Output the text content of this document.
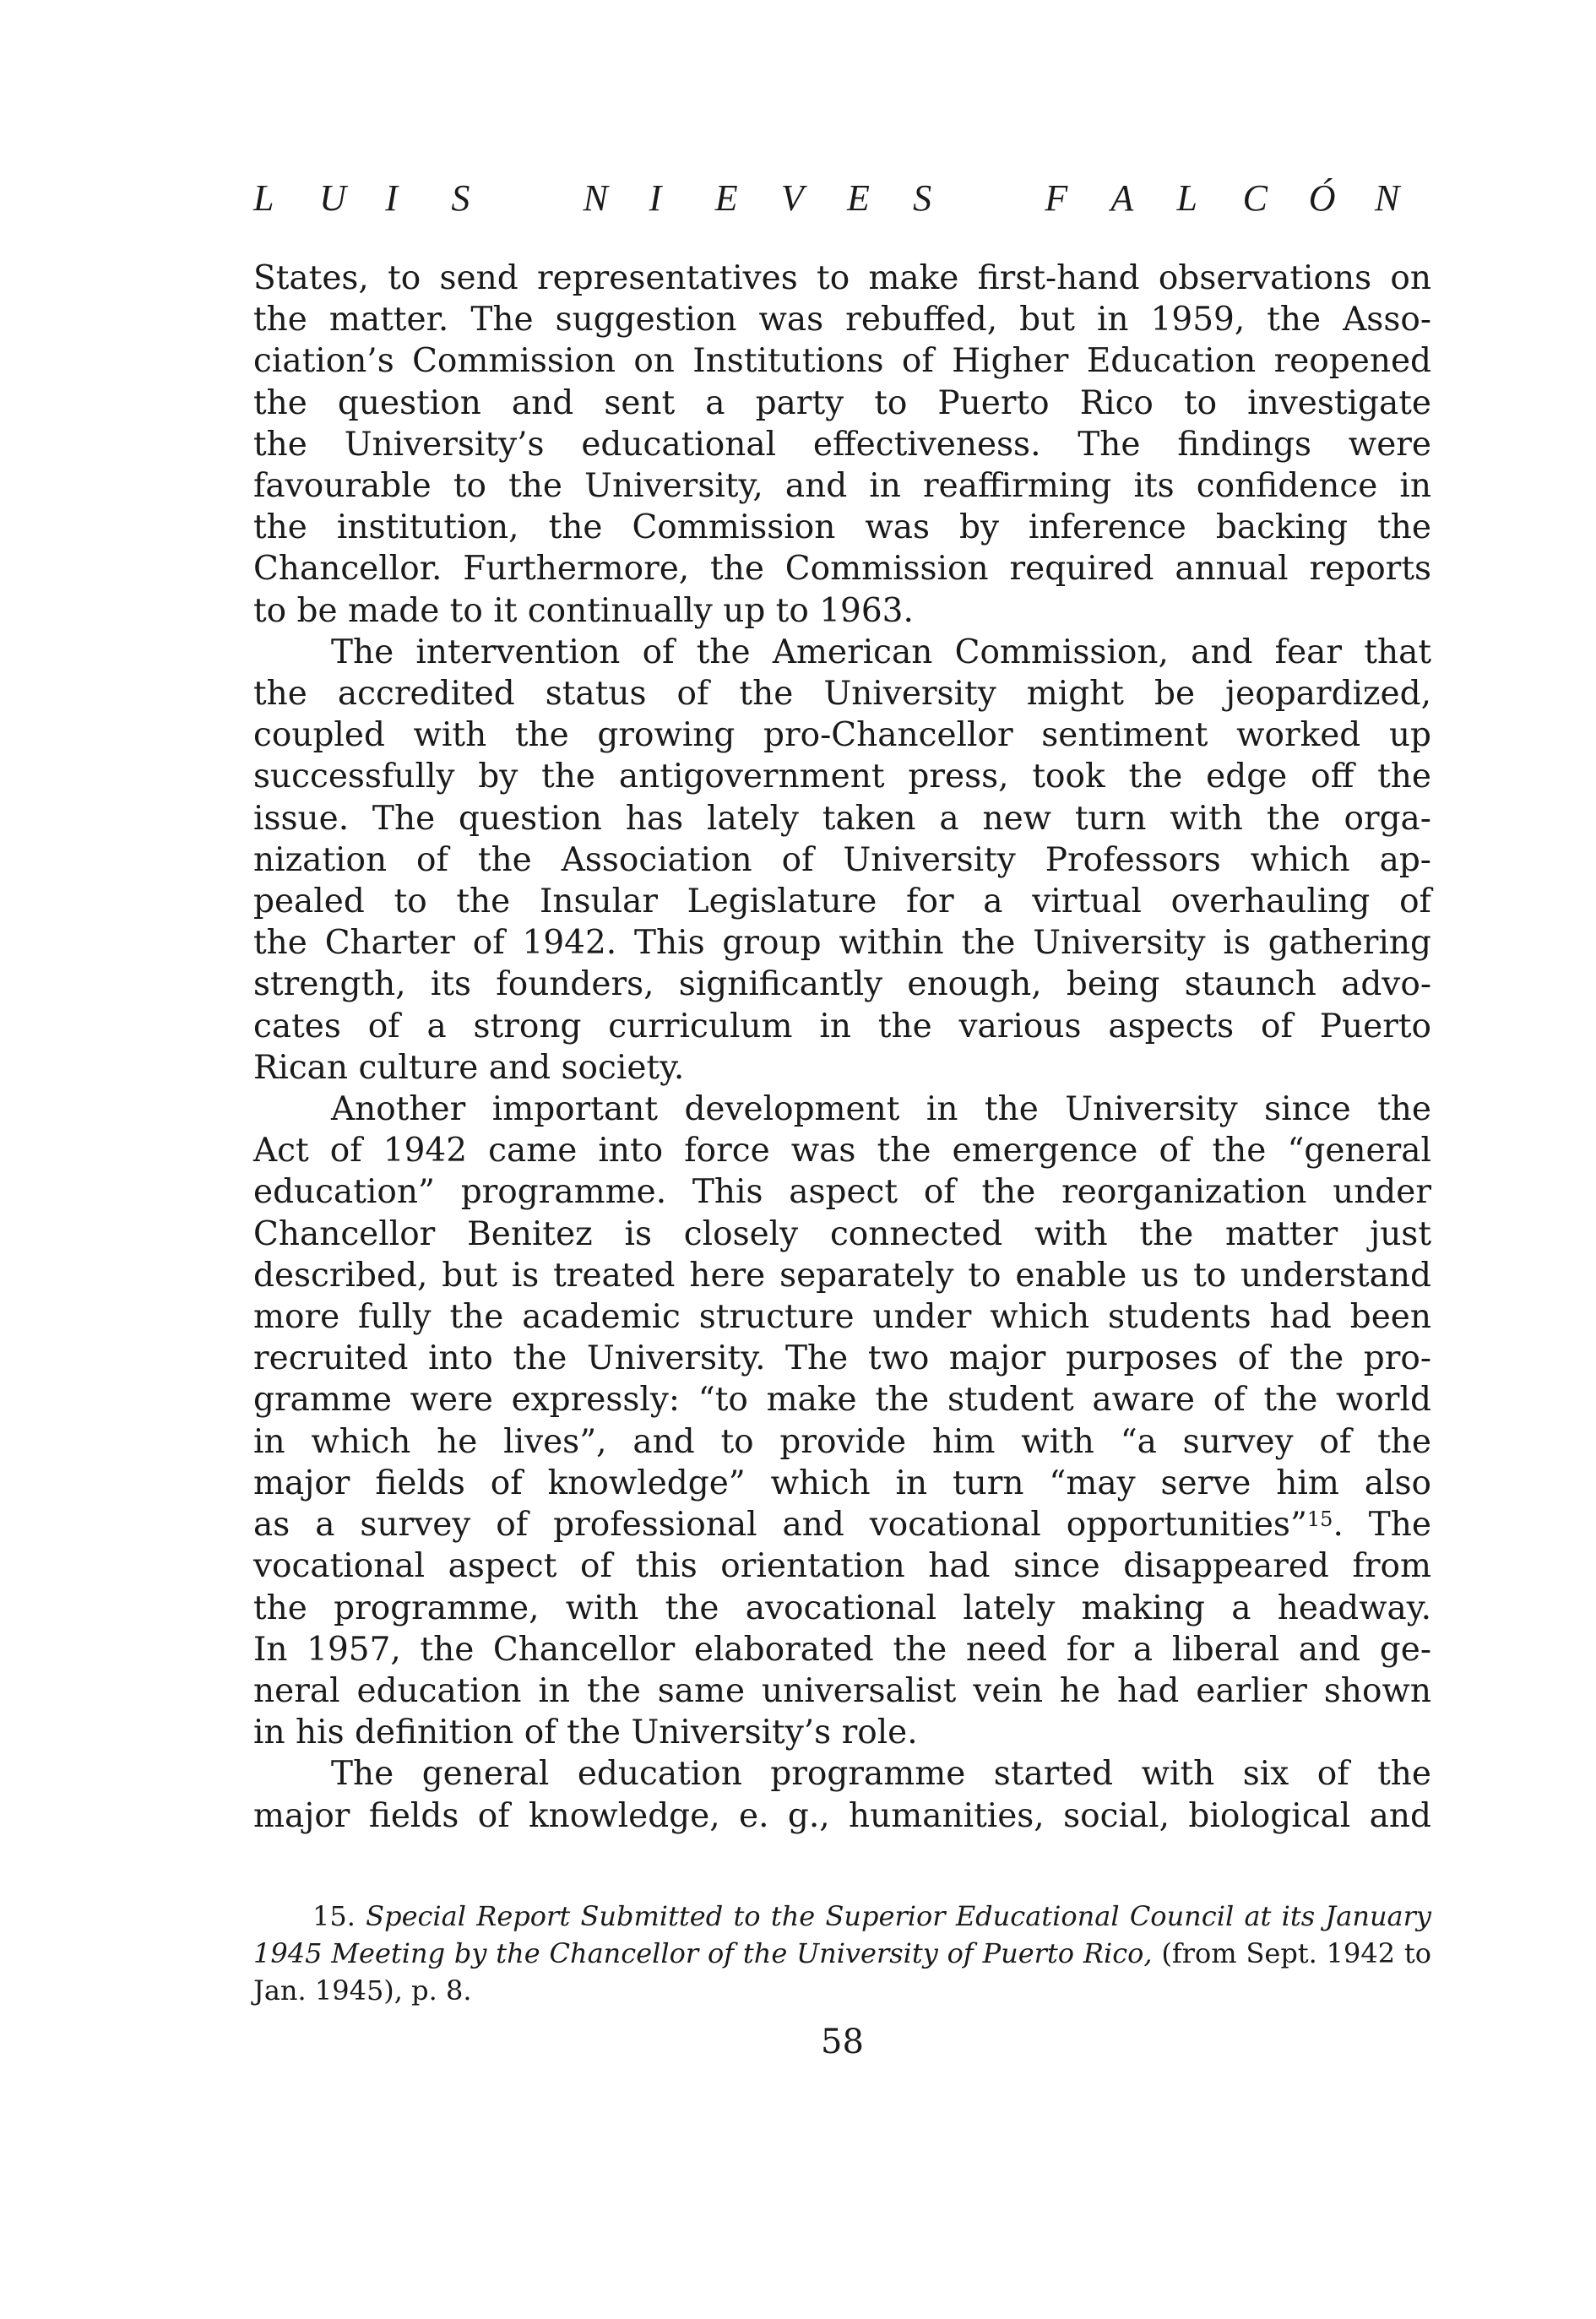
L	U	I	S	N	I	E	V	E	S	F	A	L	C	Ó	N

States, to send representatives to make first-hand observations on

the matter. The suggestion was rebuffed, but in 1959, the Asso-

ciation’s Commission on Institutions of Higher Education reopened

the question and sent a party to Puerto Rico to investigate

the University’s educational effectiveness. The findings were

favourable to the University, and in reaffirming its confidence in

the institution, the Commission was by inference backing the

Chancellor. Furthermore, the Commission required annual reports

to be made to it continually up to 1963.

The intervention of the American Commission, and fear that

the accredited status of the University might be jeopardized,

coupled with the growing pro-Chancellor sentiment worked up

successfully by the antigovernment press, took the edge off the

issue. The question has lately taken a new turn with the orga-

nization of the Association of University Professors which ap-

pealed to the Insular Legislature for a virtual overhauling of

the Charter of 1942. This group within the University is gathering

strength, its founders, significantly enough, being staunch advo-

cates of a strong curriculum in the various aspects of Puerto

Rican culture and society.

Another important development in the University since the

Act of 1942 came into force was the emergence of the “general

education” programme. This aspect of the reorganization under

Chancellor Benitez is closely connected with the matter just

described, but is treated here separately to enable us to understand

more fully the academic structure under which students had been

recruited into the University. The two major purposes of the pro-

gramme were expressly: “to make the student aware of the world

in which he lives”, and to provide him with “a survey of the

major fields of knowledge” which in turn “may serve him also

as a survey of professional and vocational opportunities”$^{15}$. The

vocational aspect of this orientation had since disappeared from

the programme, with the avocational lately making a headway.

In 1957, the Chancellor elaborated the need for a liberal and ge-

neral education in the same universalist vein he had earlier shown

in his definition of the University’s role.

The general education programme started with six of the

major fields of knowledge, e. g., humanities, social, biological and

15. Special Report Submitted to the Superior Educational Council at its January 1945 Meeting by the Chancellor of the University of Puerto Rico, (from Sept. 1942 to Jan. 1945), p. 8.

58
